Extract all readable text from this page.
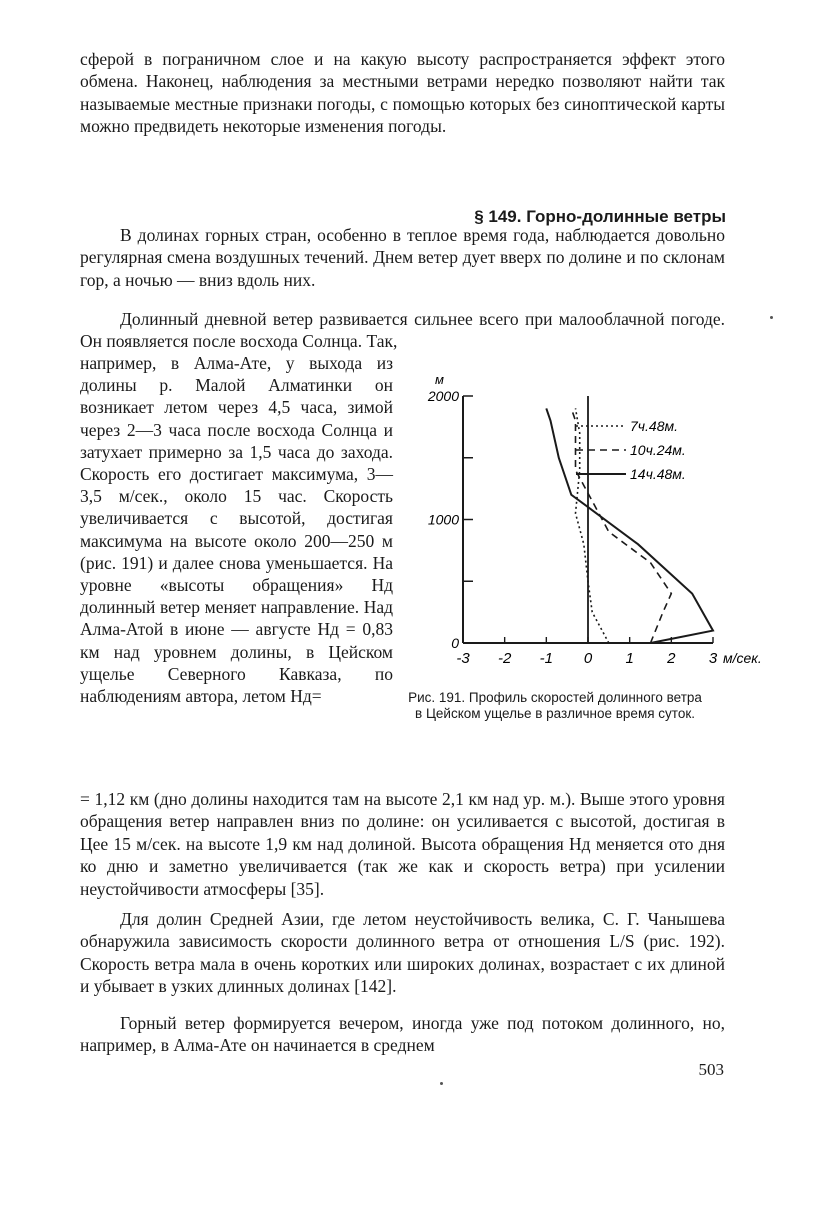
сферой в пограничном слое и на какую высоту распространяется эффект этого обмена. Наконец, наблюдения за местными ветрами нередко позволяют найти так называемые местные признаки погоды, с помощью которых без синоптической карты можно предвидеть некоторые изменения погоды.
§ 149. Горно-долинные ветры
В долинах горных стран, особенно в теплое время года, наблюдается довольно регулярная смена воздушных течений. Днем ветер дует вверх по долине и по склонам гор, а ночью — вниз вдоль них.
Долинный дневной ветер развивается сильнее всего при малооблачной погоде. Он появляется после восхода Солнца. Так,
например, в Алма-Ате, у выхода из долины р. Малой Алматинки он возникает летом через 4,5 часа, зимой через 2—3 часа после восхода Солнца и затухает примерно за 1,5 часа до захода. Скорость его достигает максимума, 3—3,5 м/сек., около 15 час. Скорость увеличивается с высотой, достигая максимума на высоте около 200—250 м (рис. 191) и далее снова уменьшается. На уровне «высоты обращения» Hд долинный ветер меняет направление. Над Алма-Атой в июне — августе Hд = 0,83 км над уровнем долины, в Цейском ущелье Северного Кавказа, по наблюдениям автора, летом Hд=
= 1,12 км (дно долины находится там на высоте 2,1 км над ур. м.). Выше этого уровня обращения ветер направлен вниз по долине: он усиливается с высотой, достигая в Цее 15 м/сек. на высоте 1,9 км над долиной. Высота обращения Hд меняется ото дня ко дню и заметно увеличивается (так же как и скорость ветра) при усилении неустойчивости атмосферы [35].
Для долин Средней Азии, где летом неустойчивость велика, С. Г. Чанышева обнаружила зависимость скорости долинного ветра от отношения L/S (рис. 192). Скорость ветра мала в очень коротких или широких долинах, возрастает с их длиной и убывает в узких длинных долинах [142].
Горный ветер формируется вечером, иногда уже под потоком долинного, но, например, в Алма-Ате он начинается в среднем
503
0
1000
2000
м
-3 -2 -1 0 1 2 3 м/сек.
7ч.48м.
10ч.24м.
14ч.48м.
Рис. 191. Профиль скоростей долинного ветра в Цейском ущелье в различное время суток.
